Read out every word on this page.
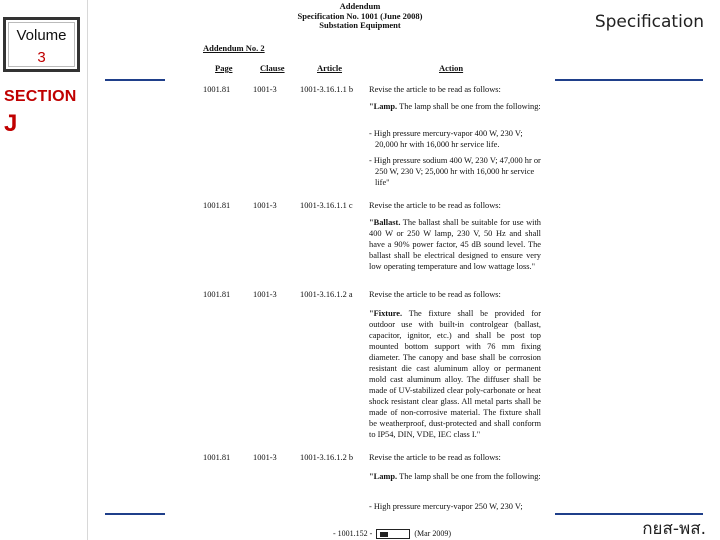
Volume
3
SECTION
J
Specification
Addendum
Specification No. 1001 (June 2008)
Substation Equipment
Addendum No. 2
Page	Clause	Article	Action
1001.81	1001-3	1001-3.16.1.1 b Revise the article to be read as follows:
"Lamp. The lamp shall be one from the following:
- High pressure mercury-vapor 400 W, 230 V; 20,000 hr with 16,000 hr service life.
- High pressure sodium 400 W, 230 V; 47,000 hr or 250 W, 230 V; 25,000 hr with 16,000 hr service life"
1001.81	1001-3	1001-3.16.1.1 c Revise the article to be read as follows:
"Ballast. The ballast shall be suitable for use with 400 W or 250 W lamp, 230 V, 50 Hz and shall have a 90% power factor, 45 dB sound level. The ballast shall be electrical designed to ensure very low operating temperature and low wattage loss."
1001.81	1001-3	1001-3.16.1.2 a Revise the article to be read as follows:
"Fixture. The fixture shall be provided for outdoor use with built-in controlgear (ballast, capacitor, ignitor, etc.) and shall be post top mounted bottom support with 76 mm fixing diameter. The canopy and base shall be corrosion resistant die cast aluminum alloy or permanent mold cast aluminum alloy. The diffuser shall be made of UV-stabilized clear poly-carbonate or heat shock resistant clear glass. All metal parts shall be made of non-corrosive material. The fixture shall be weatherproof, dust-protected and shall conform to IP54, DIN, VDE, IEC class I."
1001.81	1001-3	1001-3.16.1.2 b Revise the article to be read as follows:
"Lamp. The lamp shall be one from the following:
- High pressure mercury-vapor 250 W, 230 V;
- 1001.152 -	(Mar 2009)	กยส-พส.
